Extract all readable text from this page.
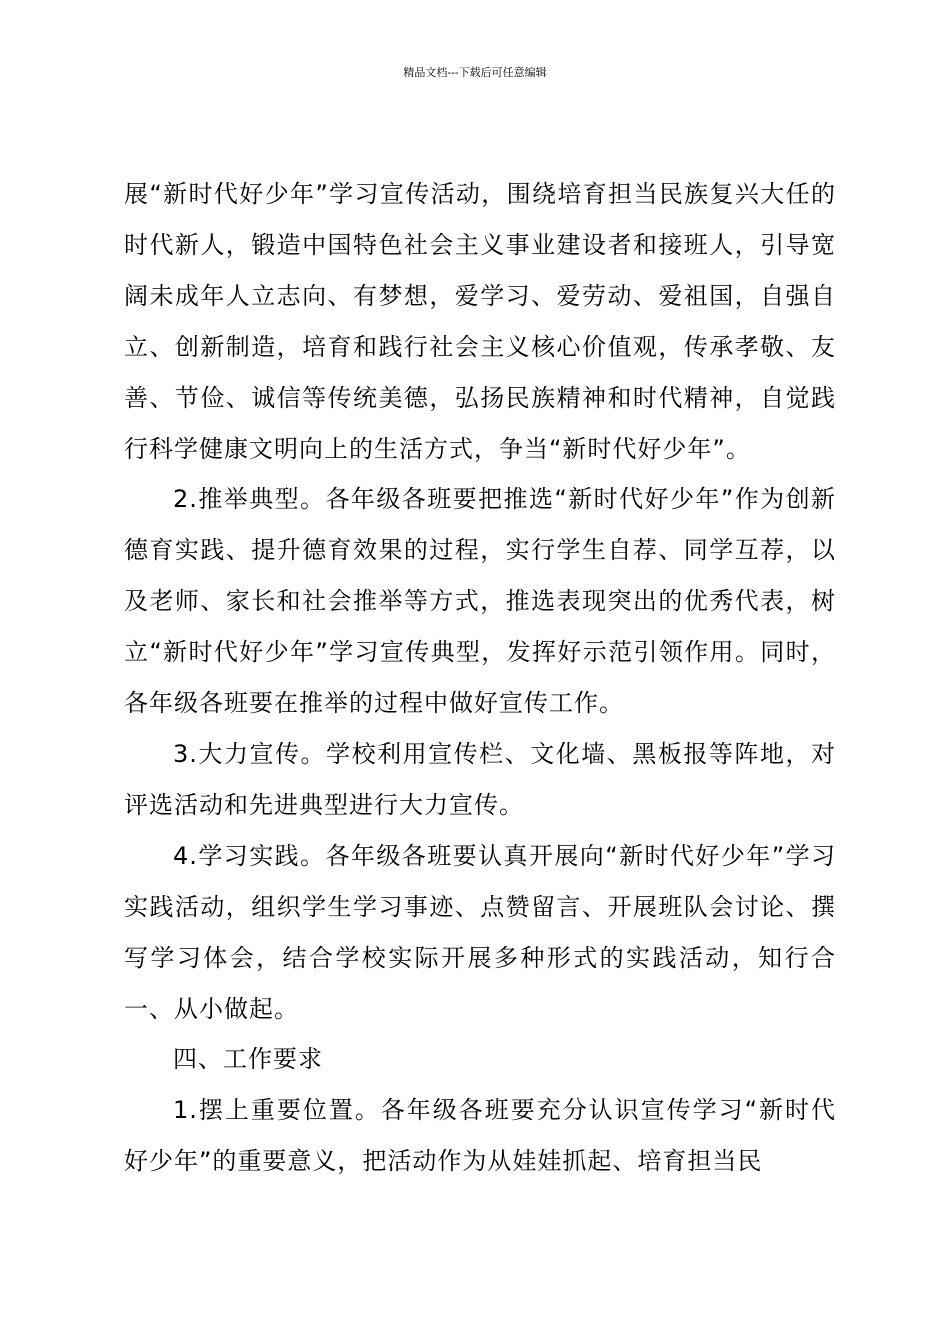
精品文档---下载后可任意编辑

展“新时代好少年”学习宣传活动，围绕培育担当民族复兴大任的时代新人，锻造中国特色社会主义事业建设者和接班人，引导宽阔未成年人立志向、有梦想，爱学习、爱劳动、爱祖国，自强自立、创新制造，培育和践行社会主义核心价值观，传承孝敬、友善、节俭、诚信等传统美德，弘扬民族精神和时代精神，自觉践行科学健康文明向上的生活方式，争当“新时代好少年”。

2.推举典型。各年级各班要把推选“新时代好少年”作为创新德育实践、提升德育效果的过程，实行学生自荐、同学互荐，以及老师、家长和社会推举等方式，推选表现突出的优秀代表，树立“新时代好少年”学习宣传典型，发挥好示范引领作用。同时，各年级各班要在推举的过程中做好宣传工作。

3.大力宣传。学校利用宣传栏、文化墙、黑板报等阵地，对评选活动和先进典型进行大力宣传。

4.学习实践。各年级各班要认真开展向“新时代好少年”学习实践活动，组织学生学习事迹、点赞留言、开展班队会讨论、撰写学习体会，结合学校实际开展多种形式的实践活动，知行合一、从小做起。

四、工作要求

1.摆上重要位置。各年级各班要充分认识宣传学习“新时代好少年”的重要意义，把活动作为从娃娃抓起、培育担当民
